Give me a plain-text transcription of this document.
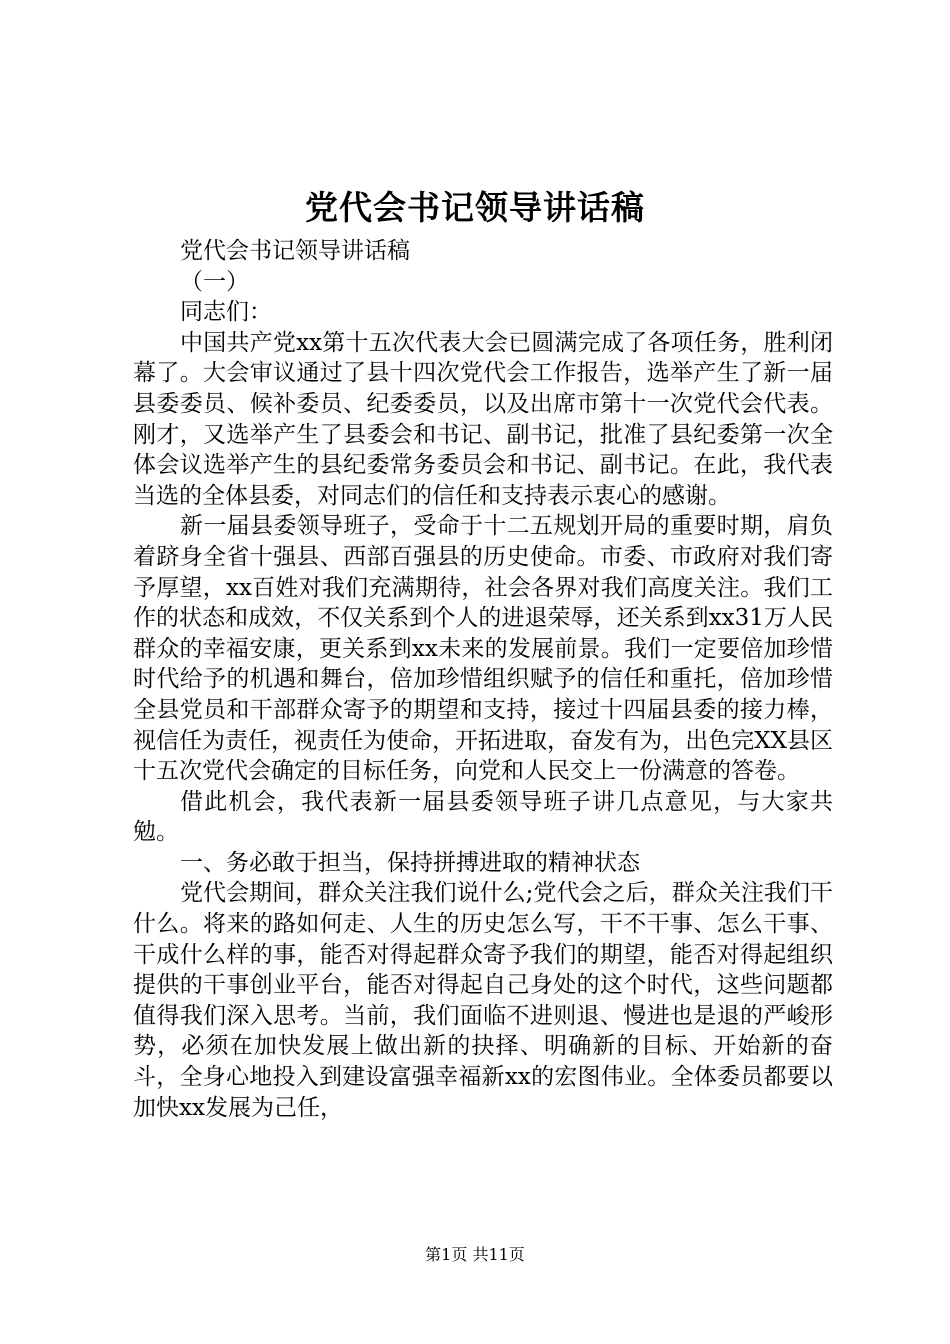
党代会书记领导讲话稿

党代会书记领导讲话稿

（一）

同志们：

中国共产党xx第十五次代表大会已圆满完成了各项任务，胜利闭幕了。大会审议通过了县十四次党代会工作报告，选举产生了新一届县委委员、候补委员、纪委委员，以及出席市第十一次党代会代表。刚才，又选举产生了县委会和书记、副书记，批准了县纪委第一次全体会议选举产生的县纪委常务委员会和书记、副书记。在此，我代表当选的全体县委，对同志们的信任和支持表示衷心的感谢。

新一届县委领导班子，受命于十二五规划开局的重要时期，肩负着跻身全省十强县、西部百强县的历史使命。市委、市政府对我们寄予厚望，xx百姓对我们充满期待，社会各界对我们高度关注。我们工作的状态和成效，不仅关系到个人的进退荣辱，还关系到xx31万人民群众的幸福安康，更关系到xx未来的发展前景。我们一定要倍加珍惜时代给予的机遇和舞台，倍加珍惜组织赋予的信任和重托，倍加珍惜全县党员和干部群众寄予的期望和支持，接过十四届县委的接力棒，视信任为责任，视责任为使命，开拓进取，奋发有为，出色完XX县区十五次党代会确定的目标任务，向党和人民交上一份满意的答卷。

借此机会，我代表新一届县委领导班子讲几点意见，与大家共勉。

一、务必敢于担当，保持拼搏进取的精神状态

党代会期间，群众关注我们说什么;党代会之后，群众关注我们干什么。将来的路如何走、人生的历史怎么写，干不干事、怎么干事、干成什么样的事，能否对得起群众寄予我们的期望，能否对得起组织提供的干事创业平台，能否对得起自己身处的这个时代，这些问题都值得我们深入思考。当前，我们面临不进则退、慢进也是退的严峻形势，必须在加快发展上做出新的抉择、明确新的目标、开始新的奋斗，全身心地投入到建设富强幸福新xx的宏图伟业。全体委员都要以加快xx发展为己任，

第1页 共11页
